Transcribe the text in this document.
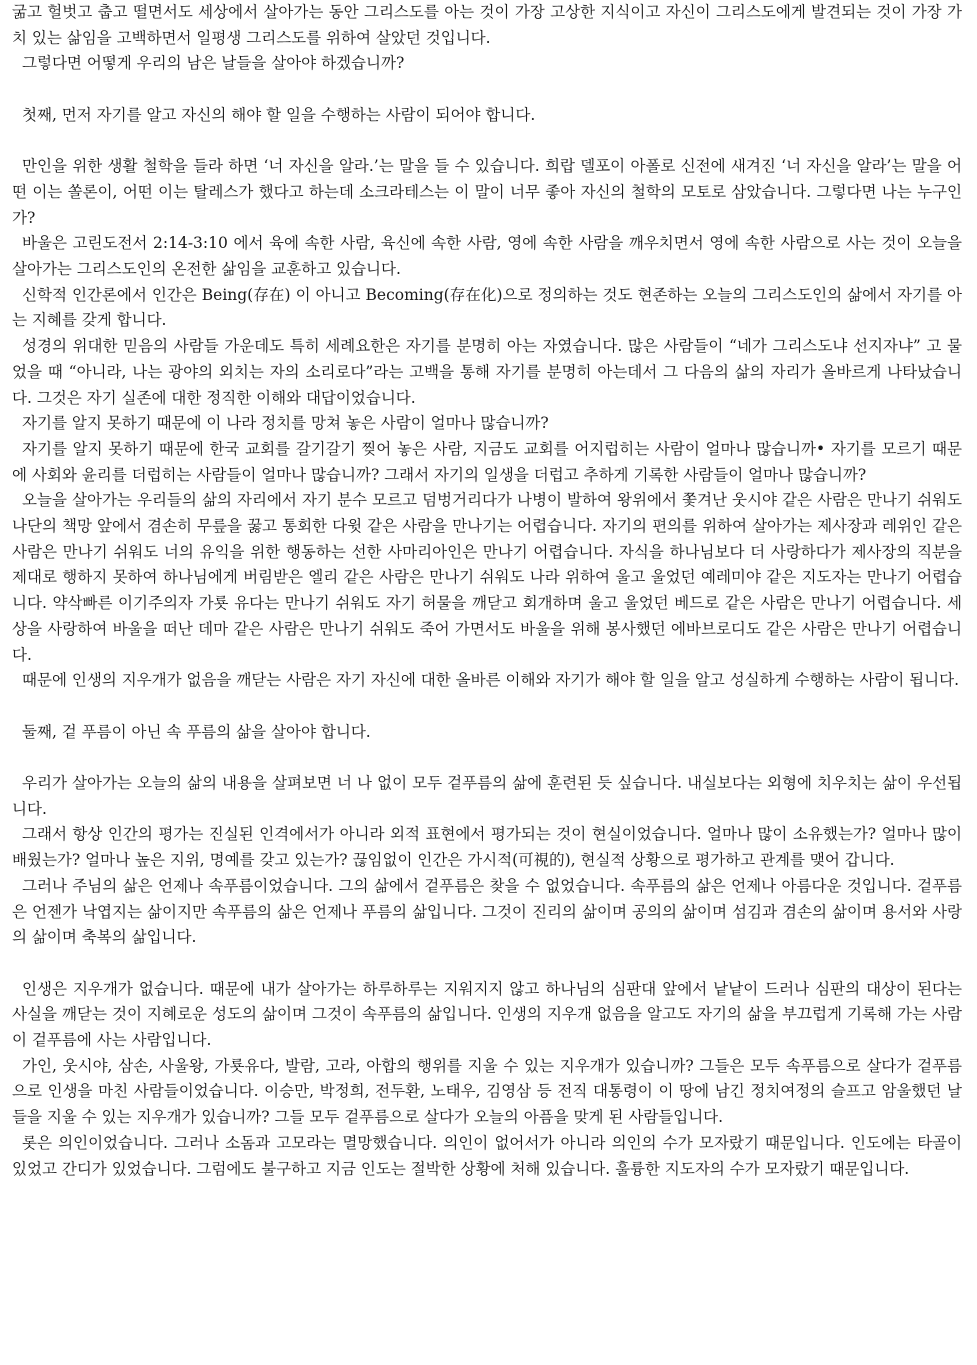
굶고 헐벗고 춥고 떨면서도 세상에서 살아가는 동안 그리스도를 아는 것이 가장 고상한 지식이고 자신이 그리스도에게 발견되는 것이 가장 가치 있는 삶임을 고백하면서 일평생 그리스도를 위하여 살았던 것입니다.

그렇다면 어떻게 우리의 남은 날들을 살아야 하겠습니까?

첫째, 먼저 자기를 알고 자신의 해야 할 일을 수행하는 사람이 되어야 합니다.

만인을 위한 생활 철학을 들라 하면 ‘너 자신을 알라.’는 말을 들 수 있습니다. 희랍 델포이 아폴로 신전에 새겨진 ‘너 자신을 알라’는 말을 어떤 이는 쏠론이, 어떤 이는 탈레스가 했다고 하는데 소크라테스는 이 말이 너무 좋아 자신의 철학의 모토로 삼았습니다. 그렇다면 나는 누구인가?

바울은 고린도전서 2:14-3:10 에서 육에 속한 사람, 육신에 속한 사람, 영에 속한 사람을 깨우치면서 영에 속한 사람으로 사는 것이 오늘을 살아가는 그리스도인의 온전한 삶임을 교훈하고 있습니다.

신학적 인간론에서 인간은 Being(存在) 이 아니고 Becoming(存在化)으로 정의하는 것도 현존하는 오늘의 그리스도인의 삶에서 자기를 아는 지혜를 갖게 합니다.

성경의 위대한 믿음의 사람들 가운데도 특히 세례요한은 자기를 분명히 아는 자였습니다. 많은 사람들이 “네가 그리스도냐 선지자냐” 고 물었을 때 “아니라, 나는 광야의 외치는 자의 소리로다”라는 고백을 통해 자기를 분명히 아는데서 그 다음의 삶의 자리가 올바르게 나타났습니다. 그것은 자기 실존에 대한 정직한 이해와 대답이었습니다.

자기를 알지 못하기 때문에 이 나라 정치를 망쳐 놓은 사람이 얼마나 많습니까?

자기를 알지 못하기 때문에 한국 교회를 갈기갈기 찢어 놓은 사람, 지금도 교회를 어지럽히는 사람이 얼마나 많습니까• 자기를 모르기 때문에 사회와 윤리를 더럽히는 사람들이 얼마나 많습니까? 그래서 자기의 일생을 더럽고 추하게 기록한 사람들이 얼마나 많습니까?

오늘을 살아가는 우리들의 삶의 자리에서 자기 분수 모르고 덤벙거리다가 나병이 발하여 왕위에서 쫓겨난 웃시야 같은 사람은 만나기 쉬워도 나단의 책망 앞에서 겸손히 무릎을 꿇고 통회한 다윗 같은 사람을 만나기는 어렵습니다. 자기의 편의를 위하여 살아가는 제사장과 레위인 같은 사람은 만나기 쉬워도 너의 유익을 위한 행동하는 선한 사마리아인은 만나기 어렵습니다. 자식을 하나님보다 더 사랑하다가 제사장의 직분을 제대로 행하지 못하여 하나님에게 버림받은 엘리 같은 사람은 만나기 쉬워도 나라 위하여 울고 울었던 예레미야 같은 지도자는 만나기 어렵습니다. 약삭빠른 이기주의자 가룟 유다는 만나기 쉬워도 자기 허물을 깨닫고 회개하며 울고 울었던 베드로 같은 사람은 만나기 어렵습니다. 세상을 사랑하여 바울을 떠난 데마 같은 사람은 만나기 쉬워도 죽어 가면서도 바울을 위해 봉사했던 에바브로디도 같은 사람은 만나기 어렵습니다.

때문에 인생의 지우개가 없음을 깨닫는 사람은 자기 자신에 대한 올바른 이해와 자기가 해야 할 일을 알고 성실하게 수행하는 사람이 됩니다.

둘째, 겉 푸름이 아닌 속 푸름의 삶을 살아야 합니다.

우리가 살아가는 오늘의 삶의 내용을 살펴보면 너 나 없이 모두 겉푸름의 삶에 훈련된 듯 싶습니다. 내실보다는 외형에 치우치는 삶이 우선됩니다.

그래서 항상 인간의 평가는 진실된 인격에서가 아니라 외적 표현에서 평가되는 것이 현실이었습니다. 얼마나 많이 소유했는가? 얼마나 많이 배웠는가? 얼마나 높은 지위, 명예를 갖고 있는가? 끊임없이 인간은 가시적(可視的), 현실적 상황으로 평가하고 관계를 맺어 갑니다.

그러나 주님의 삶은 언제나 속푸름이었습니다. 그의 삶에서 겉푸름은 찾을 수 없었습니다. 속푸름의 삶은 언제나 아름다운 것입니다. 겉푸름은 언젠가 낙엽지는 삶이지만 속푸름의 삶은 언제나 푸름의 삶입니다. 그것이 진리의 삶이며 공의의 삶이며 섬김과 겸손의 삶이며 용서와 사랑의 삶이며 축복의 삶입니다.

인생은 지우개가 없습니다. 때문에 내가 살아가는 하루하루는 지워지지 않고 하나님의 심판대 앞에서 낱낱이 드러나 심판의 대상이 된다는 사실을 깨닫는 것이 지혜로운 성도의 삶이며 그것이 속푸름의 삶입니다. 인생의 지우개 없음을 알고도 자기의 삶을 부끄럽게 기록해 가는 사람이 겉푸름에 사는 사람입니다.

가인, 웃시야, 삼손, 사울왕, 가룟유다, 발람, 고라, 아합의 행위를 지울 수 있는 지우개가 있습니까? 그들은 모두 속푸름으로 살다가 겉푸름으로 인생을 마친 사람들이었습니다. 이승만, 박정희, 전두환, 노태우, 김영삼 등 전직 대통령이 이 땅에 남긴 정치여정의 슬프고 암울했던 날들을 지울 수 있는 지우개가 있습니까? 그들 모두 겉푸름으로 살다가 오늘의 아픔을 맞게 된 사람들입니다.

롯은 의인이었습니다. 그러나 소돔과 고모라는 멸망했습니다. 의인이 없어서가 아니라 의인의 수가 모자랐기 때문입니다. 인도에는 타골이 있었고 간디가 있었습니다. 그럼에도 불구하고 지금 인도는 절박한 상황에 처해 있습니다. 훌륭한 지도자의 수가 모자랐기 때문입니다.
